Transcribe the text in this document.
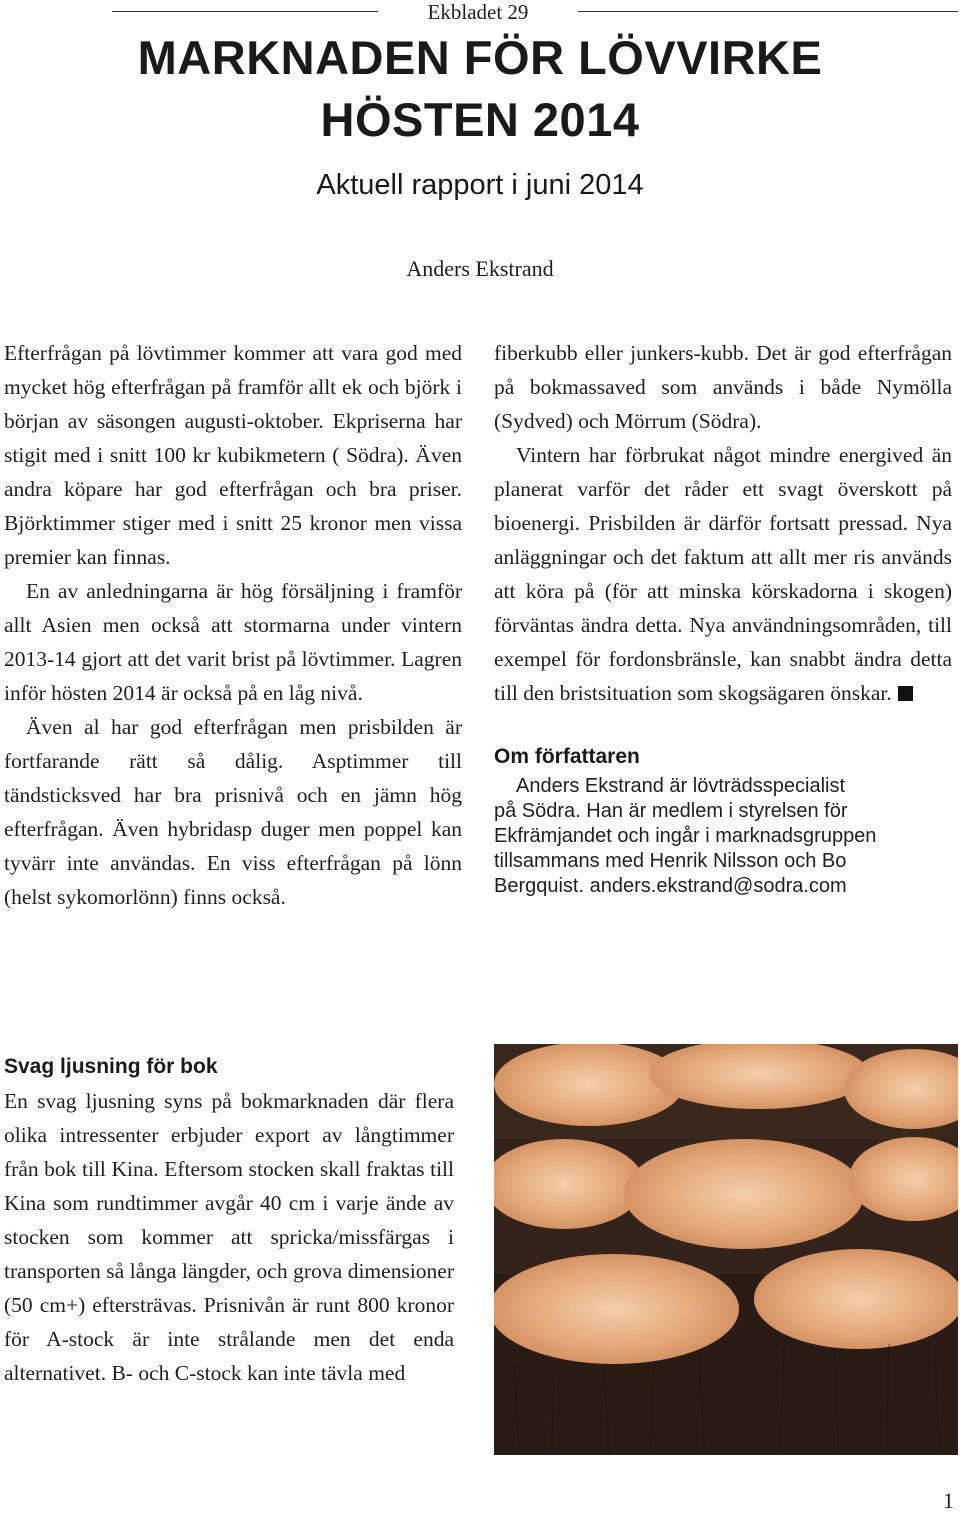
Ekbladet 29
MARKNADEN FÖR LÖVVIRKE
HÖSTEN 2014
Aktuell rapport i juni 2014
Anders Ekstrand

Efterfrågan på lövtimmer kommer att vara god med mycket hög efterfrågan på framför allt ek och björk i början av säsongen augusti-oktober. Ekpriserna har stigit med i snitt 100 kr kubikmetern ( Södra). Även andra köpare har god efterfrågan och bra priser. Björktimmer stiger med i snitt 25 kronor men vissa premier kan finnas.

En av anledningarna är hög försäljning i framför allt Asien men också att stormarna under vintern 2013-14 gjort att det varit brist på lövtimmer. Lagren inför hösten 2014 är också på en låg nivå.

Även al har god efterfrågan men prisbilden är fortfarande rätt så dålig. Asptimmer till tändsticksved har bra prisnivå och en jämn hög efterfrågan. Även hybridasp duger men poppel kan tyvärr inte användas. En viss efterfrågan på lönn (helst sykomorlönn) finns också.

fiberkubb eller junkers-kubb. Det är god efterfrågan på bokmassaved som används i både Nymölla (Sydved) och Mörrum (Södra).

Vintern har förbrukat något mindre energived än planerat varför det råder ett svagt överskott på bioenergi. Prisbilden är därför fortsatt pressad. Nya anläggningar och det faktum att allt mer ris används att köra på (för att minska körskadorna i skogen) förväntas ändra detta. Nya användningsområden, till exempel för fordonsbränsle, kan snabbt ändra detta till den bristsituation som skogsägaren önskar.

Om författaren

Anders Ekstrand är lövträdsspecialist
på Södra. Han är medlem i styrelsen för
Ekfrämjandet och ingår i marknadsgruppen
tillsammans med Henrik Nilsson och Bo
Bergquist. anders.ekstrand@sodra.com

Svag ljusning för bok

En svag ljusning syns på bokmarknaden där flera olika intressenter erbjuder export av långtimmer från bok till Kina. Eftersom stocken skall fraktas till Kina som rundtimmer avgår 40 cm i varje ände av stocken som kommer att spricka/missfärgas i transporten så långa längder, och grova dimensioner (50 cm+) eftersträvas. Prisnivån är runt 800 kronor för A-stock är inte strålande men det enda alternativet. B- och C-stock kan inte tävla med

1
